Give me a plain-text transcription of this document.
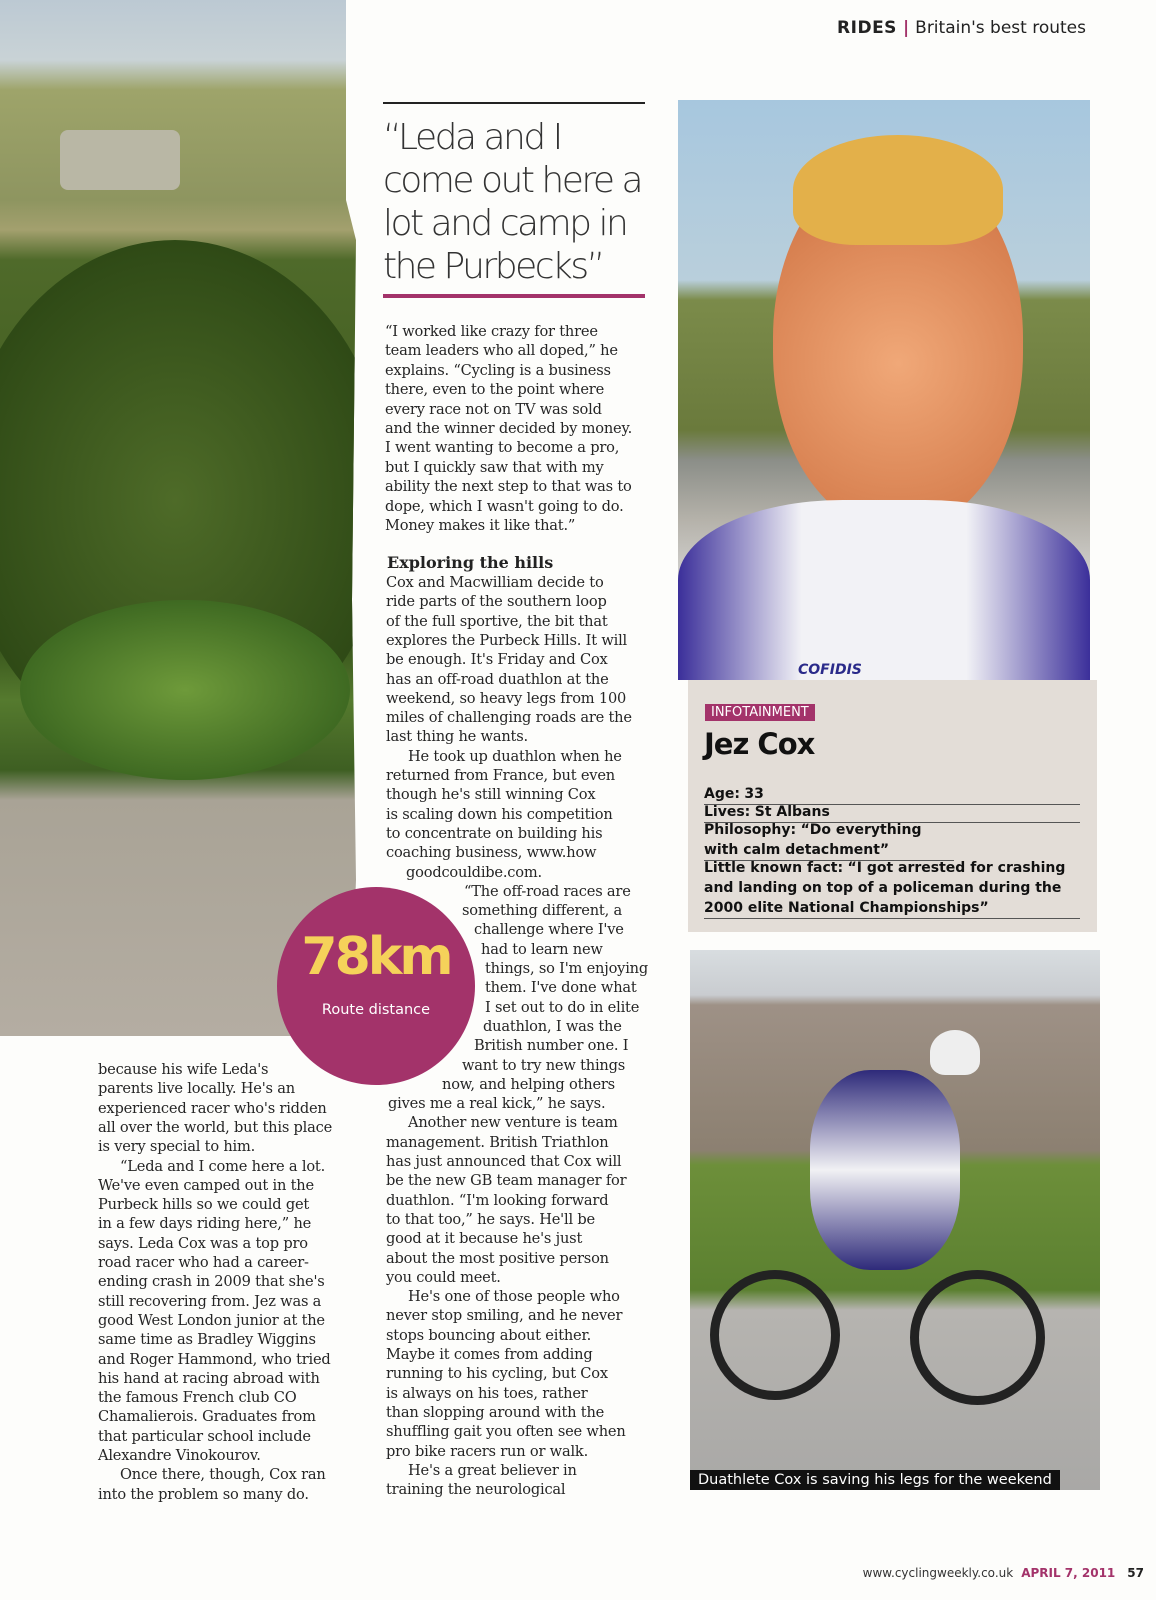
RIDES | Britain's best routes
“Leda and I
come out here a
lot and camp in
the Purbecks”
“I worked like crazy for three
team leaders who all doped,” he
explains. “Cycling is a business
there, even to the point where
every race not on TV was sold
and the winner decided by money.
I went wanting to become a pro,
but I quickly saw that with my
ability the next step to that was to
dope, which I wasn't going to do.
Money makes it like that.”
Cox and Macwilliam decide to
ride parts of the southern loop
of the full sportive, the bit that
explores the Purbeck Hills. It will
be enough. It's Friday and Cox
has an off-road duathlon at the
weekend, so heavy legs from 100
miles of challenging roads are the
last thing he wants.
He took up duathlon when he
returned from France, but even
though he's still winning Cox
is scaling down his competition
to concentrate on building his
coaching business, www.how
goodcouldibe.com.
“The off-road races are
something different, a
challenge where I've
had to learn new
things, so I'm enjoying
them. I've done what
I set out to do in elite
duathlon, I was the
British number one. I
want to try new things
now, and helping others
gives me a real kick,” he says.
Another new venture is team
management. British Triathlon
has just announced that Cox will
be the new GB team manager for
duathlon. “I'm looking forward
to that too,” he says. He'll be
good at it because he's just
about the most positive person
you could meet.
He's one of those people who
never stop smiling, and he never
stops bouncing about either.
Maybe it comes from adding
running to his cycling, but Cox
is always on his toes, rather
than slopping around with the
shuffling gait you often see when
pro bike racers run or walk.
He's a great believer in
training the neurological
Exploring the hills
because his wife Leda's
parents live locally. He's an
experienced racer who's ridden
all over the world, but this place
is very special to him.
“Leda and I come here a lot.
We've even camped out in the
Purbeck hills so we could get
in a few days riding here,” he
says. Leda Cox was a top pro
road racer who had a career-
ending crash in 2009 that she's
still recovering from. Jez was a
good West London junior at the
same time as Bradley Wiggins
and Roger Hammond, who tried
his hand at racing abroad with
the famous French club CO
Chamalierois. Graduates from
that particular school include
Alexandre Vinokourov.
Once there, though, Cox ran
into the problem so many do.
COFIDIS
INFOTAINMENT
Jez Cox
Age: 33
Lives: St Albans
Philosophy: “Do everything with calm detachment”
Little known fact: “I got arrested for crashing and landing on top of a policeman during the 2000 elite National Championships”
Duathlete Cox is saving his legs for the weekend
78km
Route distance
www.cyclingweekly.co.uk APRIL 7, 2011 57
